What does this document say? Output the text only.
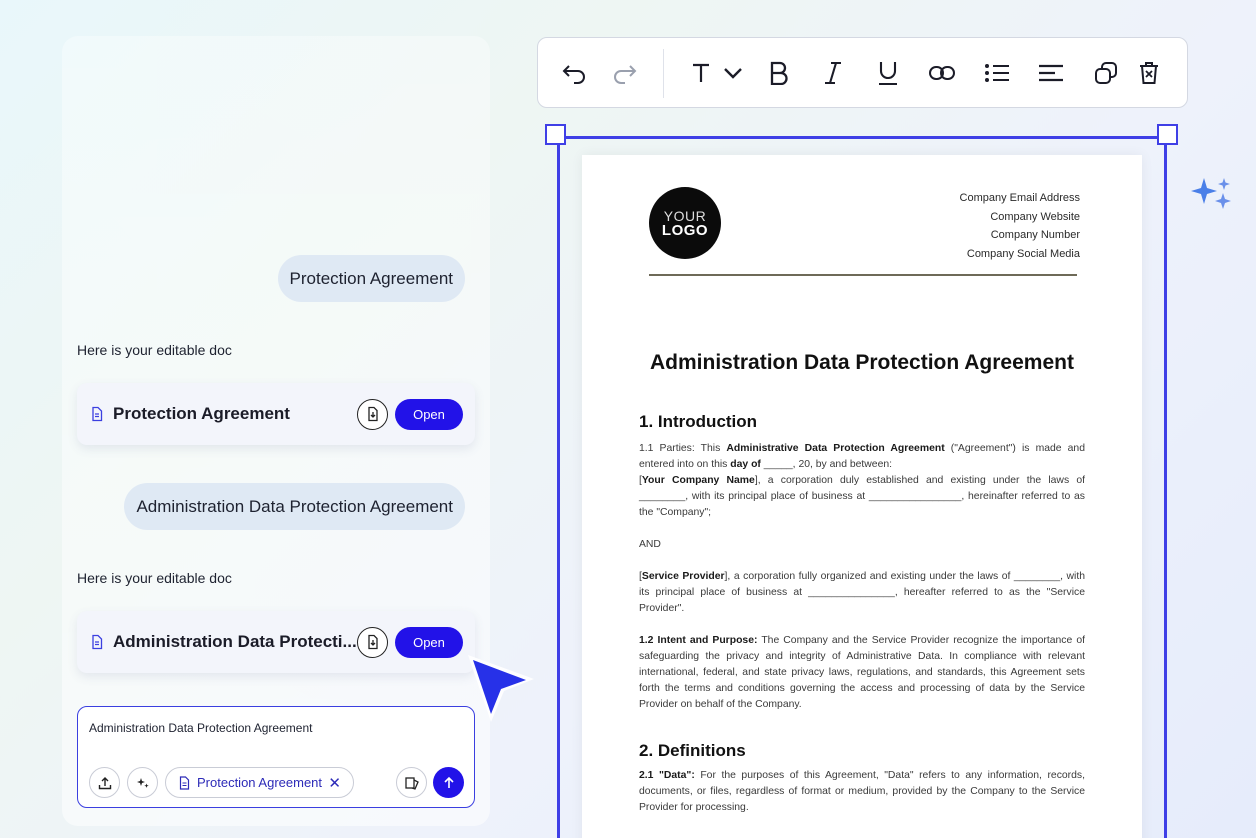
Protection Agreement
Here is your editable doc
Protection Agreement	Open
Administration Data Protection Agreement
Here is your editable doc
Administration Data Protecti...	Open
Administration Data Protection Agreement
Protection Agreement ✕
YOUR
LOGO
Company Email Address
Company Website
Company Number
Company Social Media
Administration Data Protection Agreement
1. Introduction
1.1 Parties: This Administrative Data Protection Agreement ("Agreement") is made and entered into on this day of _____, 20, by and between:
[Your Company Name], a corporation duly established and existing under the laws of ________, with its principal place of business at ________________, hereinafter referred to as the "Company";
AND
[Service Provider], a corporation fully organized and existing under the laws of ________, with its principal place of business at _______________, hereafter referred to as the "Service Provider".
1.2 Intent and Purpose: The Company and the Service Provider recognize the importance of safeguarding the privacy and integrity of Administrative Data. In compliance with relevant international, federal, and state privacy laws, regulations, and standards, this Agreement sets forth the terms and conditions governing the access and processing of data by the Service Provider on behalf of the Company.
2. Definitions
2.1 "Data": For the purposes of this Agreement, "Data" refers to any information, records, documents, or files, regardless of format or medium, provided by the Company to the Service Provider for processing.
